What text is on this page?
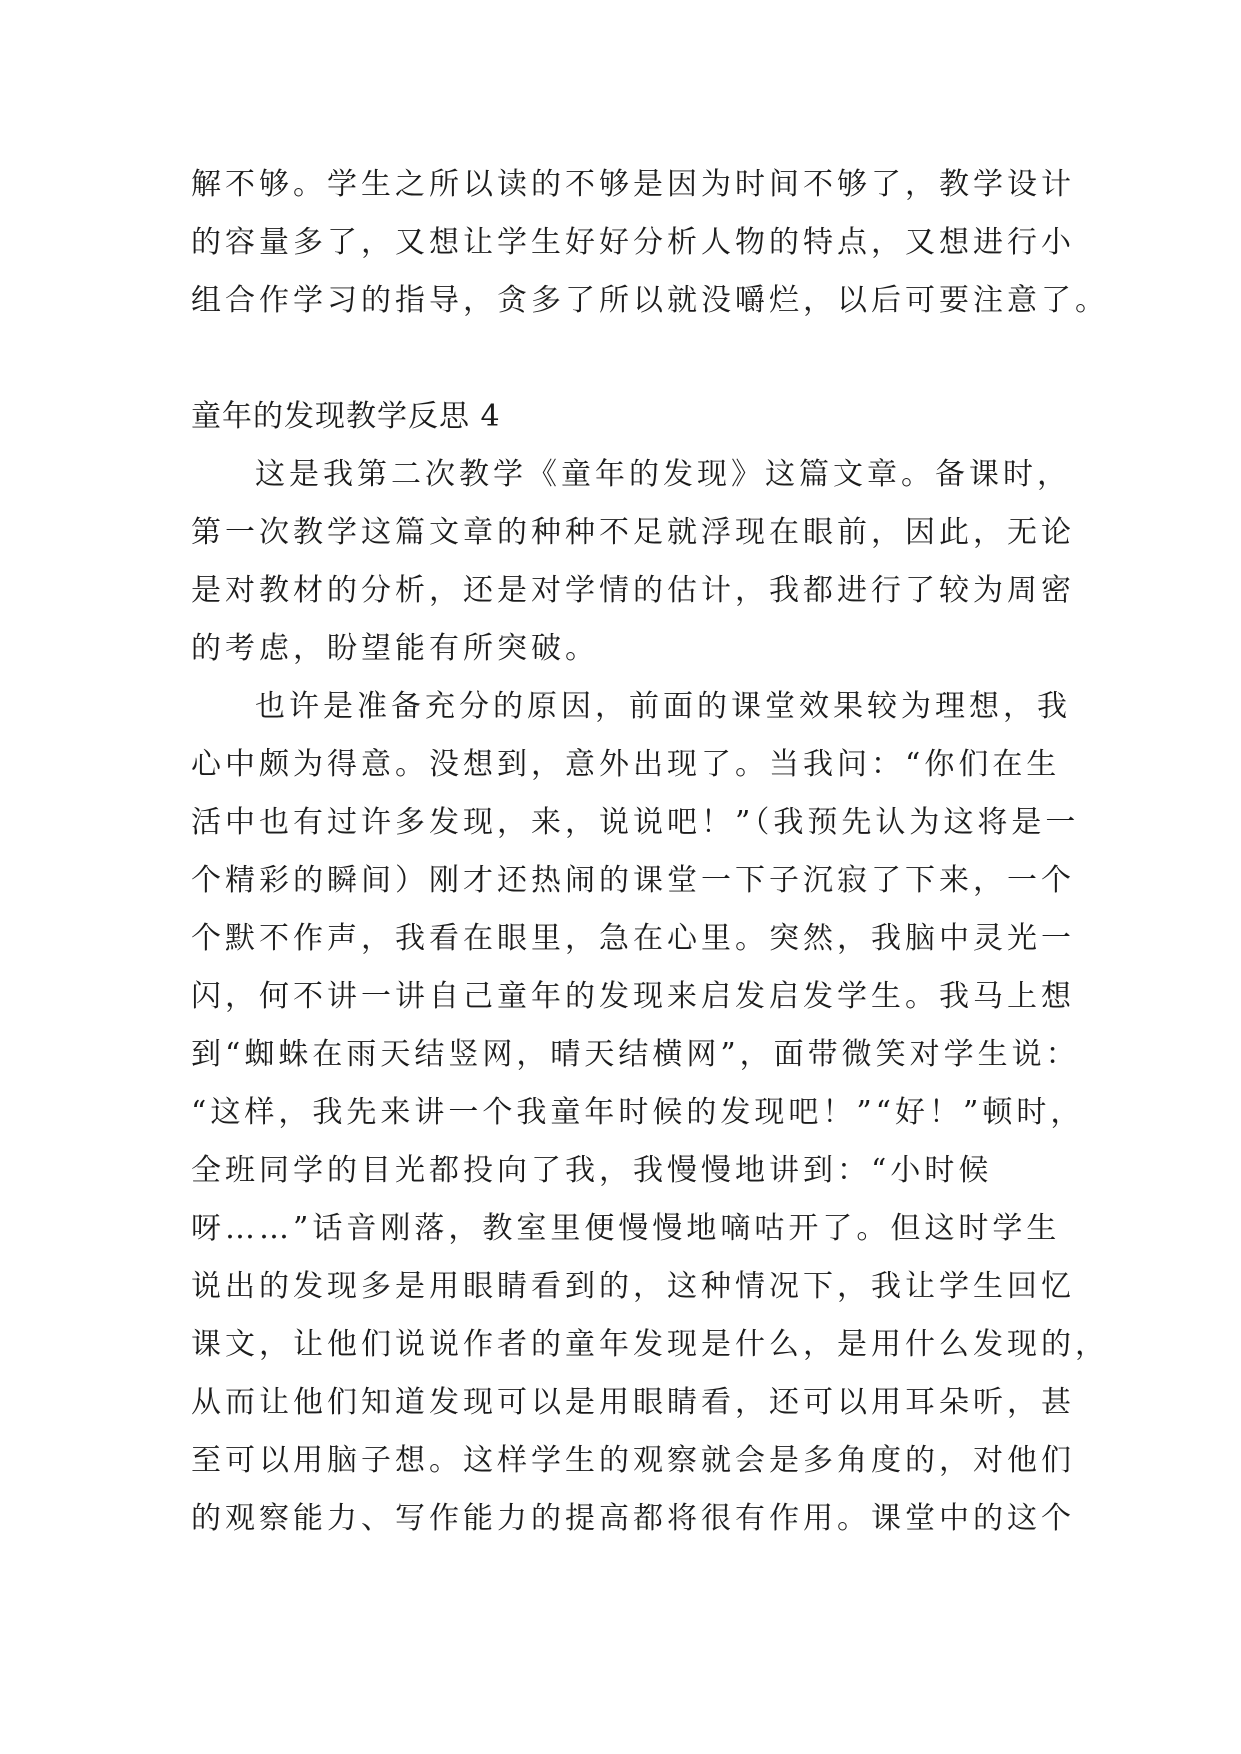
解不够。学生之所以读的不够是因为时间不够了，教学设计
的容量多了，又想让学生好好分析人物的特点，又想进行小
组合作学习的指导，贪多了所以就没嚼烂，以后可要注意了。
童年的发现教学反思 4
这是我第二次教学《童年的发现》这篇文章。备课时，
第一次教学这篇文章的种种不足就浮现在眼前，因此，无论
是对教材的分析，还是对学情的估计，我都进行了较为周密
的考虑，盼望能有所突破。
也许是准备充分的原因，前面的课堂效果较为理想，我
心中颇为得意。没想到，意外出现了。当我问：“你们在生
活中也有过许多发现，来，说说吧！”（我预先认为这将是一
个精彩的瞬间）刚才还热闹的课堂一下子沉寂了下来，一个
个默不作声，我看在眼里，急在心里。突然，我脑中灵光一
闪，何不讲一讲自己童年的发现来启发启发学生。我马上想
到“蜘蛛在雨天结竖网，晴天结横网”，面带微笑对学生说：
“这样，我先来讲一个我童年时候的发现吧！”“好！”顿时，
全班同学的目光都投向了我，我慢慢地讲到：“小时候
呀……”话音刚落，教室里便慢慢地嘀咕开了。但这时学生
说出的发现多是用眼睛看到的，这种情况下，我让学生回忆
课文，让他们说说作者的童年发现是什么，是用什么发现的，
从而让他们知道发现可以是用眼睛看，还可以用耳朵听，甚
至可以用脑子想。这样学生的观察就会是多角度的，对他们
的观察能力、写作能力的提高都将很有作用。课堂中的这个
